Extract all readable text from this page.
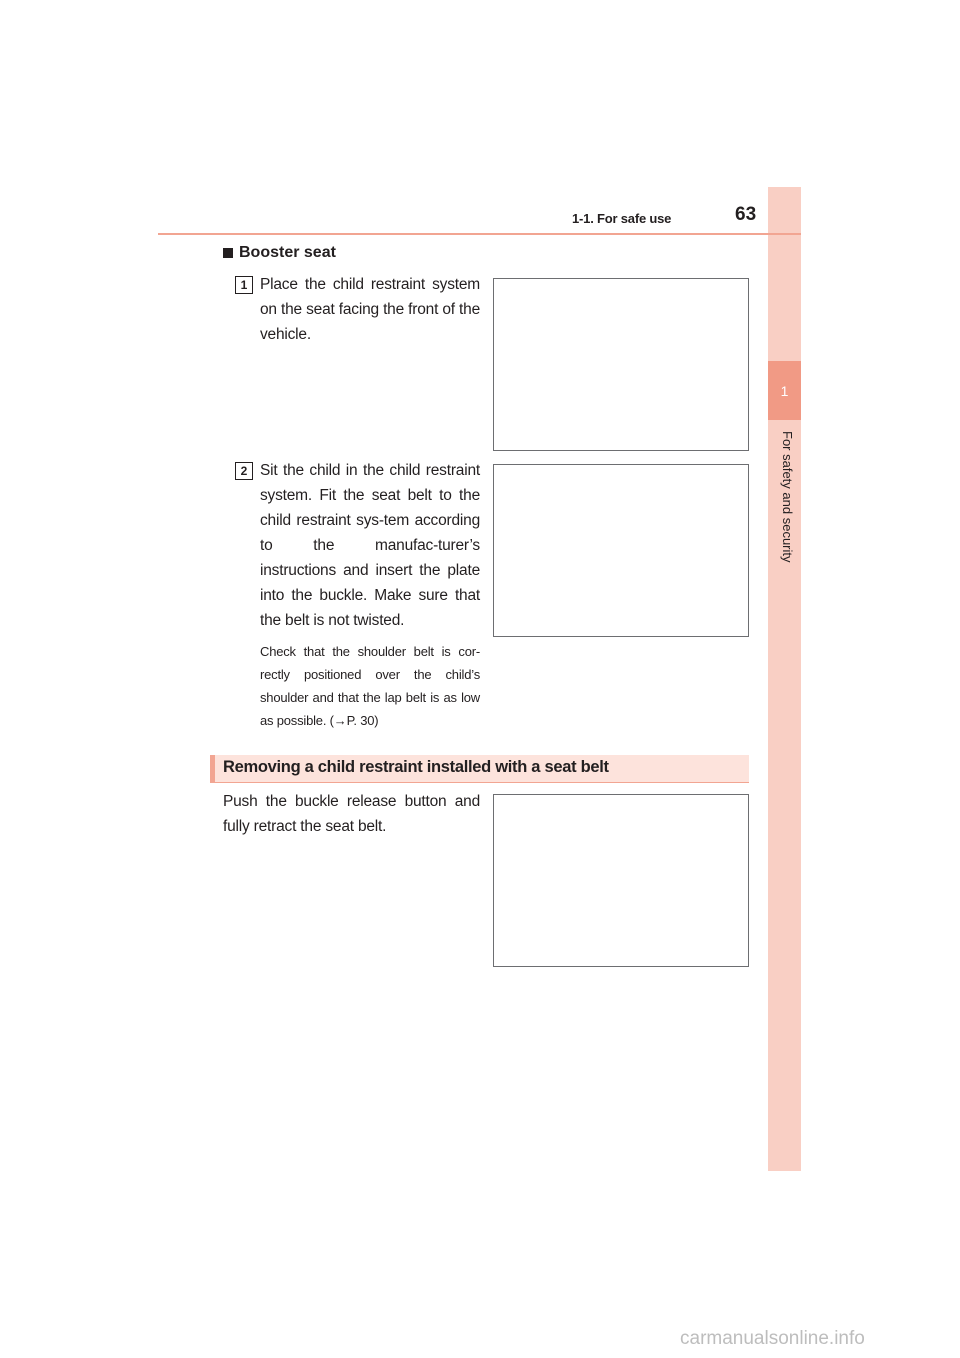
1
For safety and security
1-1. For safe use	63
Booster seat
1 Place the child restraint system on the seat facing the front of the vehicle.
2 Sit the child in the child restraint system. Fit the seat belt to the child restraint sys-tem according to the manufac-turer’s instructions and insert the plate into the buckle. Make sure that the belt is not twisted.
Check that the shoulder belt is cor-rectly positioned over the child’s shoulder and that the lap belt is as low as possible. (→P. 30)
Removing a child restraint installed with a seat belt
Push the buckle release button and fully retract the seat belt.
carmanualsonline.info
